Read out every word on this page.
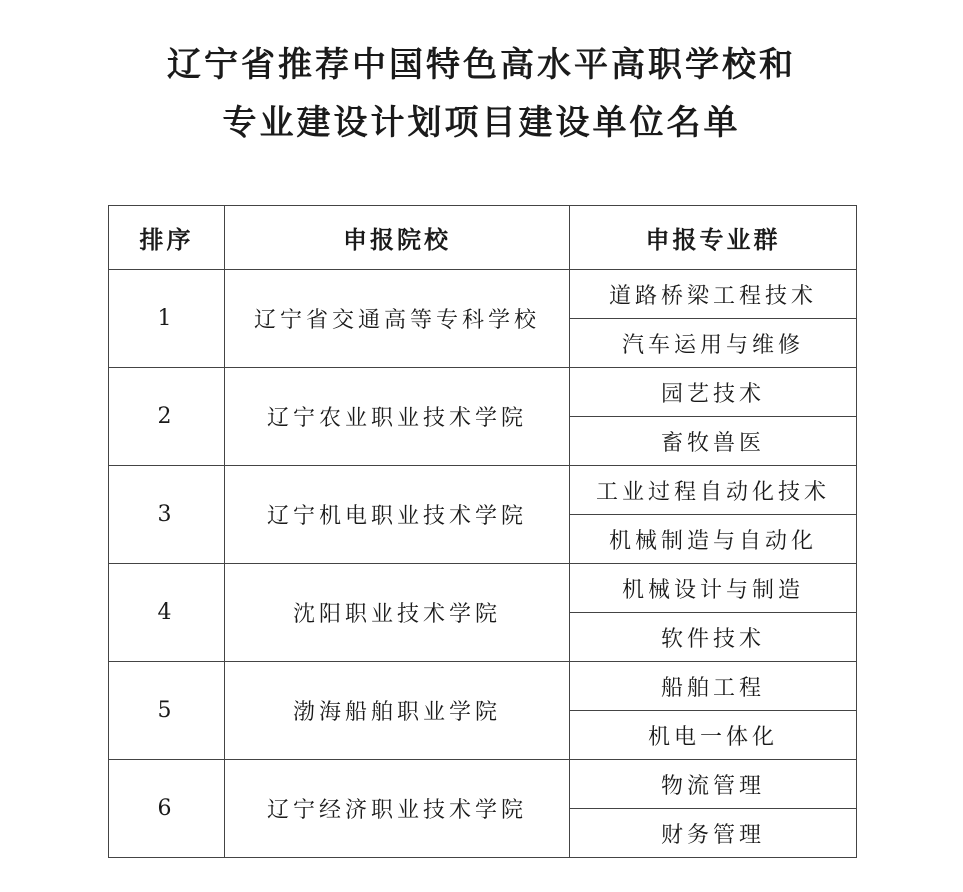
辽宁省推荐中国特色高水平高职学校和
专业建设计划项目建设单位名单
排序	申报院校	申报专业群
1	辽宁省交通高等专科学校	道路桥梁工程技术
		汽车运用与维修
2	辽宁农业职业技术学院	园艺技术
		畜牧兽医
3	辽宁机电职业技术学院	工业过程自动化技术
		机械制造与自动化
4	沈阳职业技术学院	机械设计与制造
		软件技术
5	渤海船舶职业学院	船舶工程
		机电一体化
6	辽宁经济职业技术学院	物流管理
		财务管理
